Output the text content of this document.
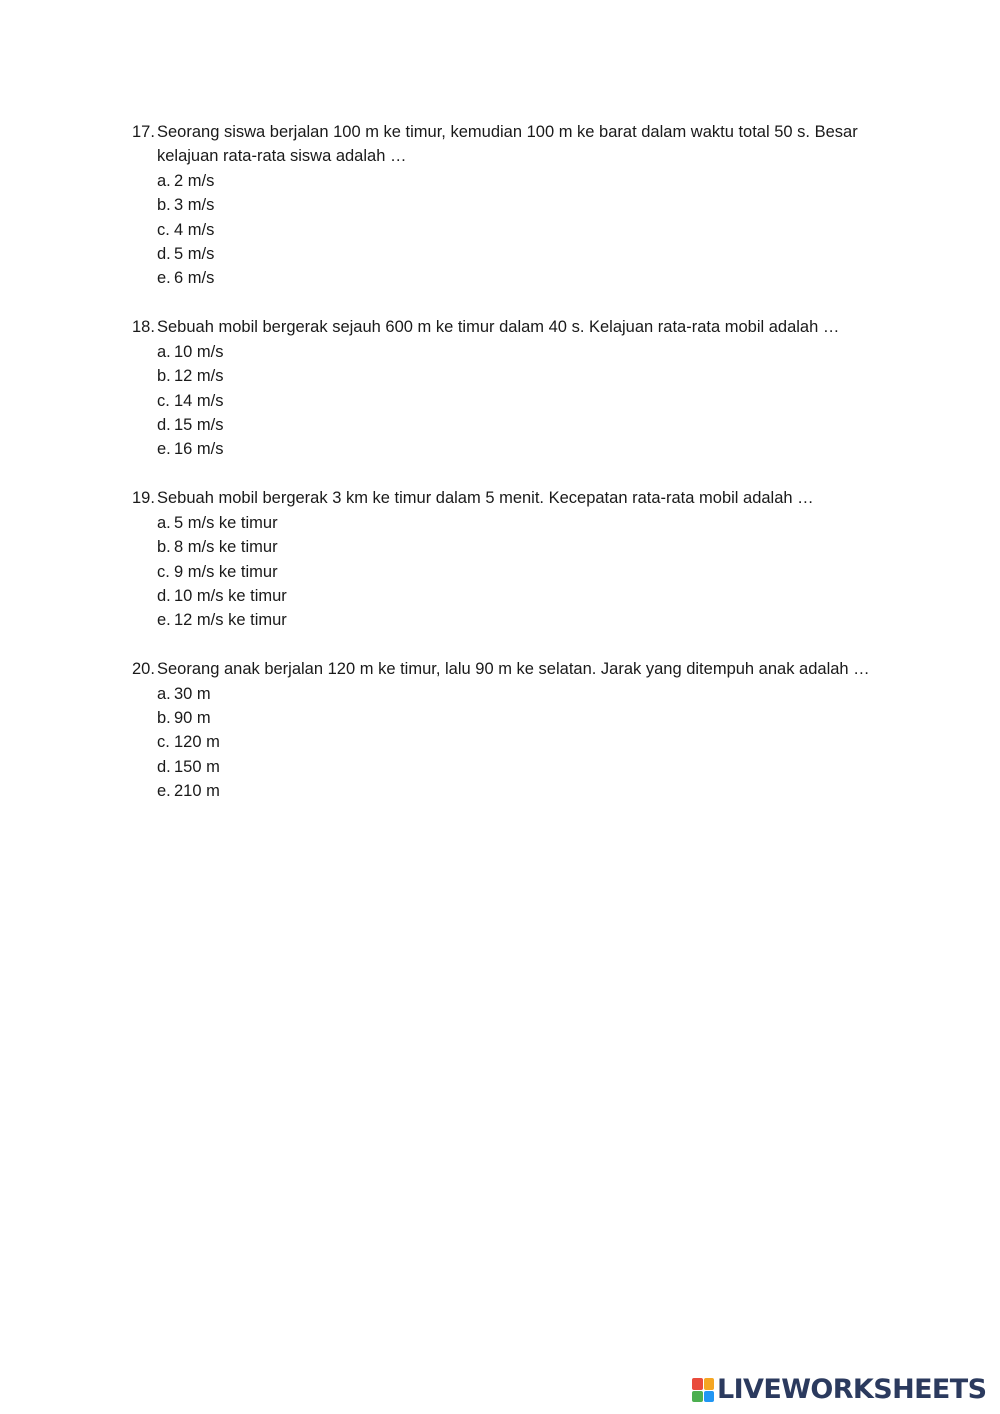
17. Seorang siswa berjalan 100 m ke timur, kemudian 100 m ke barat dalam waktu total 50 s. Besar kelajuan rata-rata siswa adalah …
a. 2 m/s
b. 3 m/s
c. 4 m/s
d. 5 m/s
e. 6 m/s
18. Sebuah mobil bergerak sejauh 600 m ke timur dalam 40 s. Kelajuan rata-rata mobil adalah …
a. 10 m/s
b. 12 m/s
c. 14 m/s
d. 15 m/s
e. 16 m/s
19. Sebuah mobil bergerak 3 km ke timur dalam 5 menit. Kecepatan rata-rata mobil adalah …
a. 5 m/s ke timur
b. 8 m/s ke timur
c. 9 m/s ke timur
d. 10 m/s ke timur
e. 12 m/s ke timur
20. Seorang anak berjalan 120 m ke timur, lalu 90 m ke selatan. Jarak yang ditempuh anak adalah …
a. 30 m
b. 90 m
c. 120 m
d. 150 m
e. 210 m
LIVEWORKSHEETS
